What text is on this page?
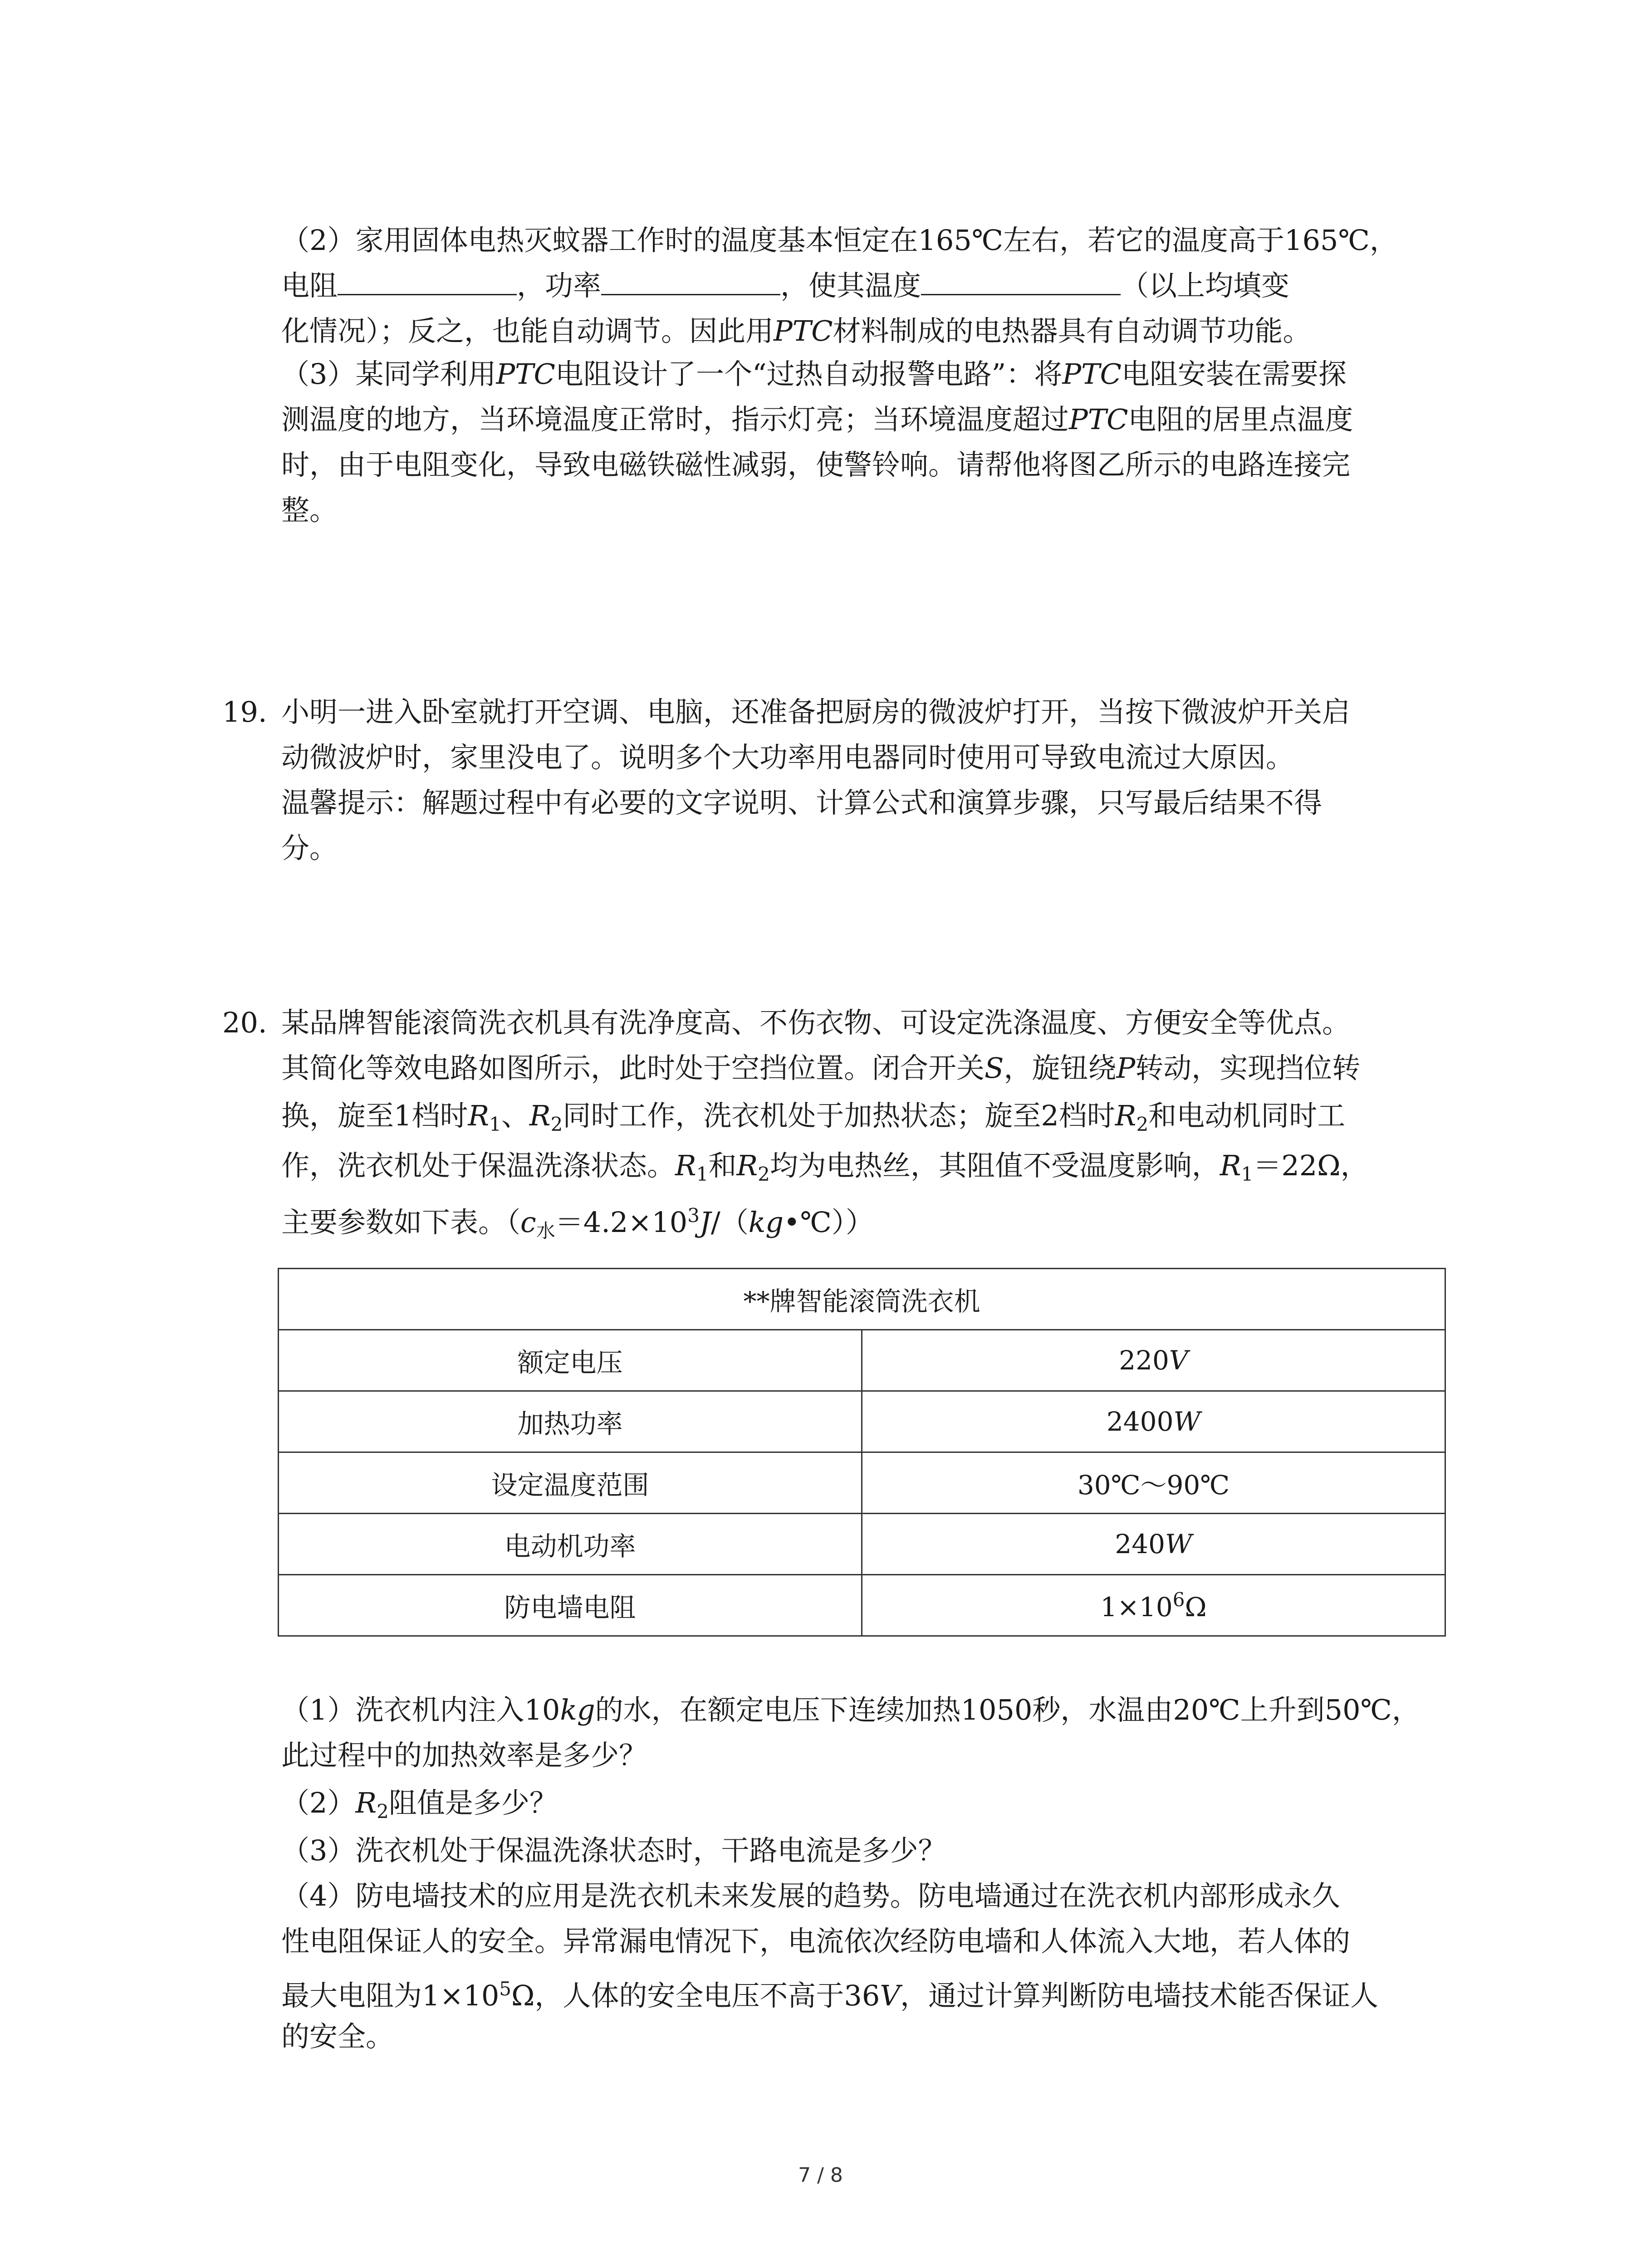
（2）家用固体电热灭蚊器工作时的温度基本恒定在165℃左右，若它的温度高于165℃，
电阻	，功率	，使其温度	（以上均填变
化情况）；反之，也能自动调节。因此用PTC材料制成的电热器具有自动调节功能。
（3）某同学利用PTC电阻设计了一个“过热自动报警电路”：将PTC电阻安装在需要探
测温度的地方，当环境温度正常时，指示灯亮；当环境温度超过PTC电阻的居里点温度
时，由于电阻变化，导致电磁铁磁性减弱，使警铃响。请帮他将图乙所示的电路连接完
整。
19. 小明一进入卧室就打开空调、电脑，还准备把厨房的微波炉打开，当按下微波炉开关启
动微波炉时，家里没电了。说明多个大功率用电器同时使用可导致电流过大原因。
温馨提示：解题过程中有必要的文字说明、计算公式和演算步骤，只写最后结果不得
分。
20. 某品牌智能滚筒洗衣机具有洗净度高、不伤衣物、可设定洗涤温度、方便安全等优点。
其简化等效电路如图所示，此时处于空挡位置。闭合开关S，旋钮绕P转动，实现挡位转
换，旋至1档时$R_1$、$R_2$同时工作，洗衣机处于加热状态；旋至2档时$R_2$和电动机同时工
作，洗衣机处于保温洗涤状态。$R_1$和$R_2$均为电热丝，其阻值不受温度影响，$R_1=22\Omega$，
主要参数如下表。$(c_水=4.2\times 10^3J/(kg•℃))$
**牌智能滚筒洗衣机	
额定电压	220V
加热功率	2400W
设定温度范围	30℃～90℃
电动机功率	240W
防电墙电阻	$1\times 10^6\Omega$
（1）洗衣机内注入10kg的水，在额定电压下连续加热1050秒，水温由20℃上升到50℃，
此过程中的加热效率是多少？
$(2)R_2$阻值是多少？
（3）洗衣机处于保温洗涤状态时，干路电流是多少？
（4）防电墙技术的应用是洗衣机未来发展的趋势。防电墙通过在洗衣机内部形成永久
性电阻保证人的安全。异常漏电情况下，电流依次经防电墙和人体流入大地，若人体的
最大电阻为$1\times 10^5\Omega$，人体的安全电压不高于36V，通过计算判断防电墙技术能否保证人
的安全。
7 / 8
